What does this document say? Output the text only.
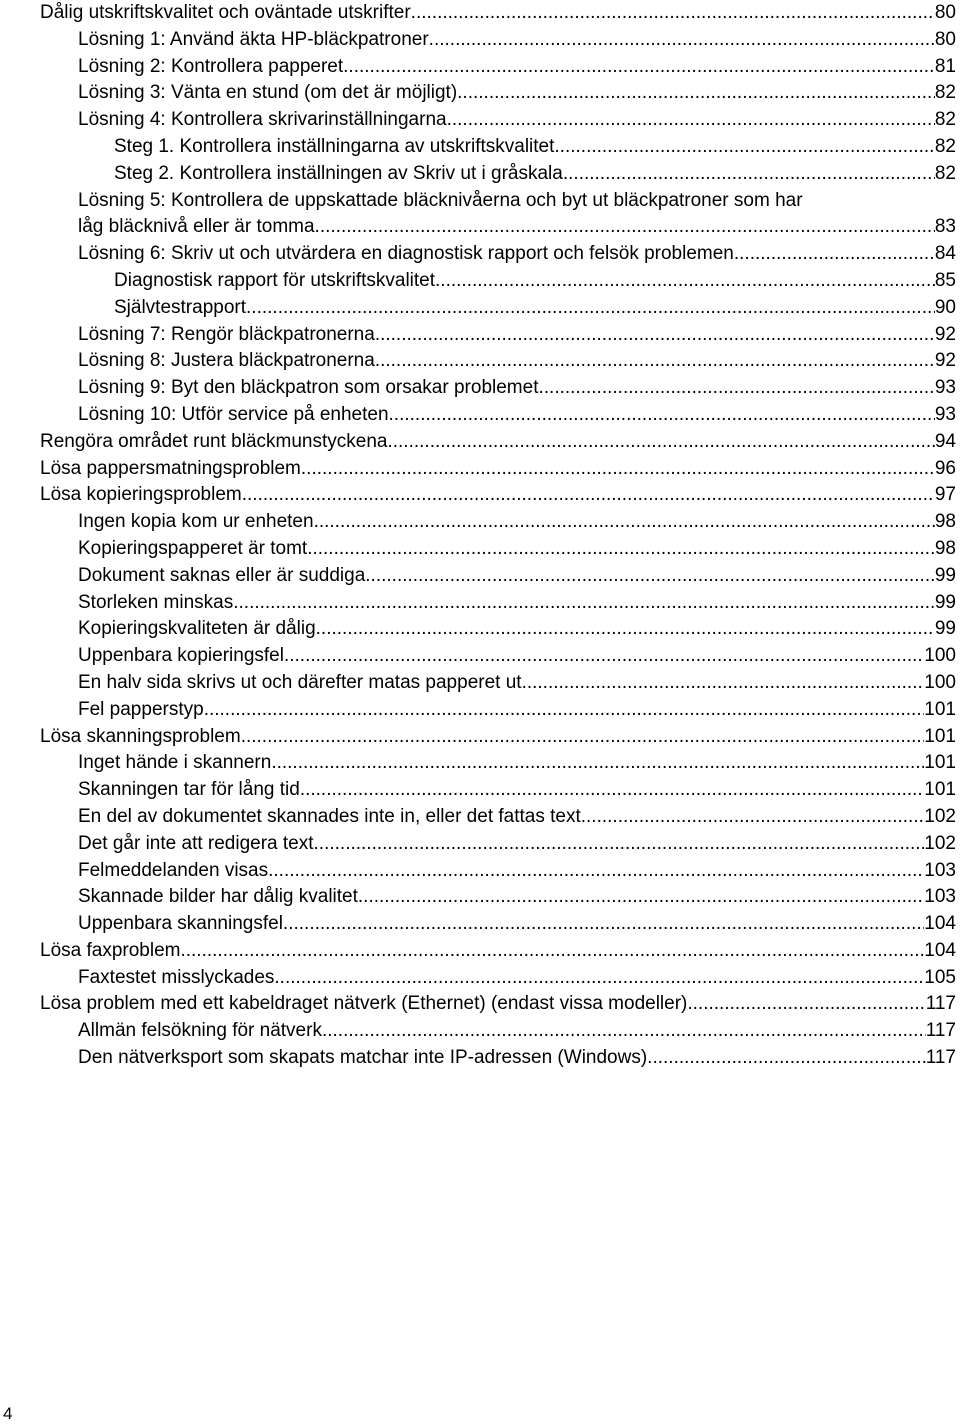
Dålig utskriftskvalitet och oväntade utskrifter .....	80
Lösning 1: Använd äkta HP-bläckpatroner .....	80
Lösning 2: Kontrollera papperet .....	81
Lösning 3: Vänta en stund (om det är möjligt) .....	82
Lösning 4: Kontrollera skrivarinställningarna .....	82
Steg 1. Kontrollera inställningarna av utskriftskvalitet .....	82
Steg 2. Kontrollera inställningen av Skriv ut i gråskala .....	82
Lösning 5: Kontrollera de uppskattade bläcknivåerna och byt ut bläckpatroner som har
låg bläcknivå eller är tomma .....	83
Lösning 6: Skriv ut och utvärdera en diagnostisk rapport och felsök problemen .....	84
Diagnostisk rapport för utskriftskvalitet .....	85
Självtestrapport .....	90
Lösning 7: Rengör bläckpatronerna .....	92
Lösning 8: Justera bläckpatronerna .....	92
Lösning 9: Byt den bläckpatron som orsakar problemet .....	93
Lösning 10: Utför service på enheten .....	93
Rengöra området runt bläckmunstyckena .....	94
Lösa pappersmatningsproblem .....	96
Lösa kopieringsproblem .....	97
Ingen kopia kom ur enheten .....	98
Kopieringspapperet är tomt .....	98
Dokument saknas eller är suddiga .....	99
Storleken minskas .....	99
Kopieringskvaliteten är dålig .....	99
Uppenbara kopieringsfel .....	100
En halv sida skrivs ut och därefter matas papperet ut .....	100
Fel papperstyp .....	101
Lösa skanningsproblem .....	101
Inget hände i skannern .....	101
Skanningen tar för lång tid .....	101
En del av dokumentet skannades inte in, eller det fattas text .....	102
Det går inte att redigera text .....	102
Felmeddelanden visas .....	103
Skannade bilder har dålig kvalitet .....	103
Uppenbara skanningsfel .....	104
Lösa faxproblem .....	104
Faxtestet misslyckades .....	105
Lösa problem med ett kabeldraget nätverk (Ethernet) (endast vissa modeller) .....	117
Allmän felsökning för nätverk .....	117
Den nätverksport som skapats matchar inte IP-adressen (Windows) .....	117
4
